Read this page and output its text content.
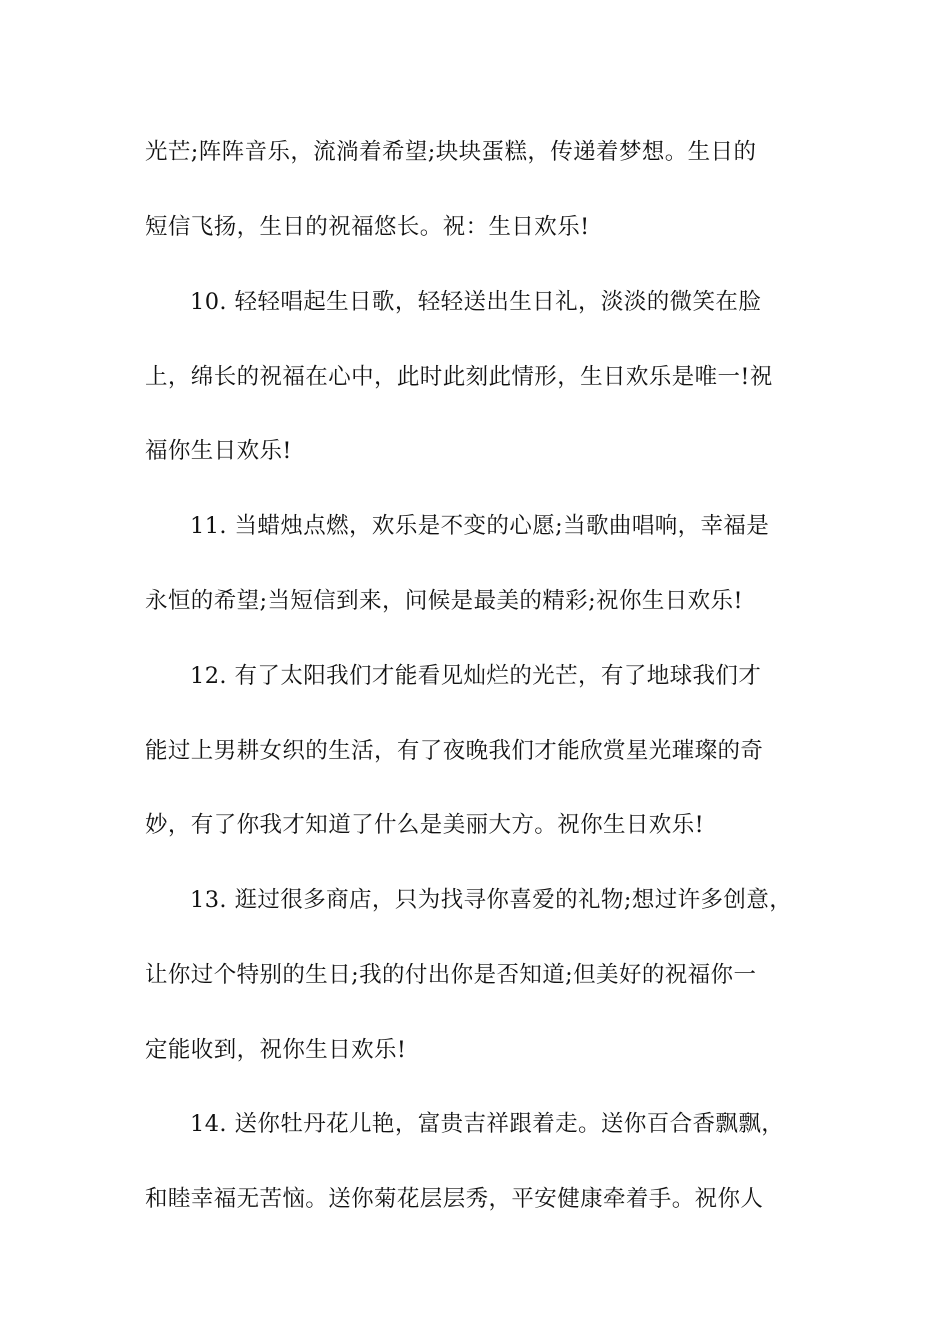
光芒;阵阵音乐，流淌着希望;块块蛋糕，传递着梦想。生日的
短信飞扬，生日的祝福悠长。祝：生日欢乐!
10. 轻轻唱起生日歌，轻轻送出生日礼，淡淡的微笑在脸
上，绵长的祝福在心中，此时此刻此情形，生日欢乐是唯一!祝
福你生日欢乐!
11. 当蜡烛点燃，欢乐是不变的心愿;当歌曲唱响，幸福是
永恒的希望;当短信到来，问候是最美的精彩;祝你生日欢乐!
12. 有了太阳我们才能看见灿烂的光芒，有了地球我们才
能过上男耕女织的生活，有了夜晚我们才能欣赏星光璀璨的奇
妙，有了你我才知道了什么是美丽大方。祝你生日欢乐!
13. 逛过很多商店，只为找寻你喜爱的礼物;想过许多创意，
让你过个特别的生日;我的付出你是否知道;但美好的祝福你一
定能收到，祝你生日欢乐!
14. 送你牡丹花儿艳，富贵吉祥跟着走。送你百合香飘飘，
和睦幸福无苦恼。送你菊花层层秀，平安健康牵着手。祝你人
